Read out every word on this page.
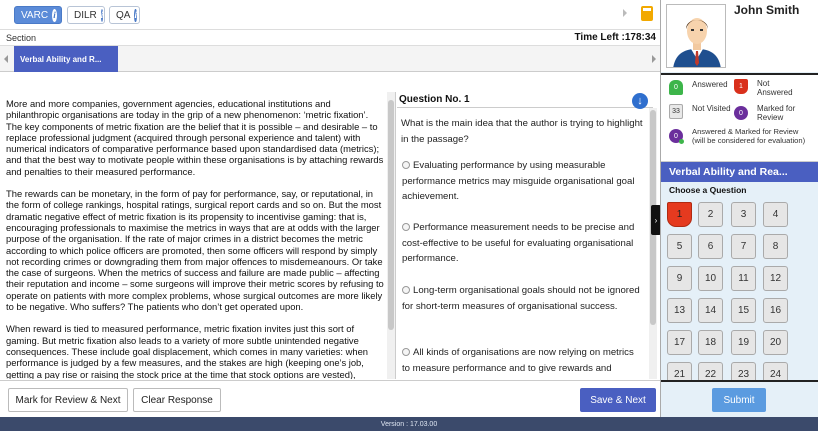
VARC i DILR i QA i
Section	Time Left :178:34
Verbal Ability and R...

More and more companies, government agencies, educational institutions and philanthropic organisations are today in the grip of a new phenomenon: ‘metric fixation’. The key components of metric fixation are the belief that it is possible – and desirable – to replace professional judgment (acquired through personal experience and talent) with numerical indicators of comparative performance based upon standardised data (metrics); and that the best way to motivate people within these organisations is by attaching rewards and penalties to their measured performance.

The rewards can be monetary, in the form of pay for performance, say, or reputational, in the form of college rankings, hospital ratings, surgical report cards and so on. But the most dramatic negative effect of metric fixation is its propensity to incentivise gaming: that is, encouraging professionals to maximise the metrics in ways that are at odds with the larger purpose of the organisation. If the rate of major crimes in a district becomes the metric according to which police officers are promoted, then some officers will respond by simply not recording crimes or downgrading them from major offences to misdemeanours. Or take the case of surgeons. When the metrics of success and failure are made public – affecting their reputation and income – some surgeons will improve their metric scores by refusing to operate on patients with more complex problems, whose surgical outcomes are more likely to be negative. Who suffers? The patients who don’t get operated upon.

When reward is tied to measured performance, metric fixation invites just this sort of gaming. But metric fixation also leads to a variety of more subtle unintended negative consequences. These include goal displacement, which comes in many varieties: when performance is judged by a few measures, and the stakes are high (keeping one’s job, getting a pay rise or raising the stock price at the time that stock options are vested),

Question No. 1	↓
What is the main idea that the author is trying to highlight in the passage?
Evaluating performance by using measurable performance metrics may misguide organisational goal achievement.
Performance measurement needs to be precise and cost-effective to be useful for evaluating organisational performance.
Long-term organisational goals should not be ignored for short-term measures of organisational success.
All kinds of organisations are now relying on metrics to measure performance and to give rewards and
›
Mark for Review & Next	Clear Response	Save & Next
John Smith
0	Answered	1	Not Answered
33	Not Visited	0	Marked for Review
0	Answered & Marked for Review (will be considered for evaluation)
Verbal Ability and Rea...
Choose a Question
1	2	3	4
5	6	7	8
9	10	11	12
13	14	15	16
17	18	19	20
21	22	23	24
Submit
Version : 17.03.00
